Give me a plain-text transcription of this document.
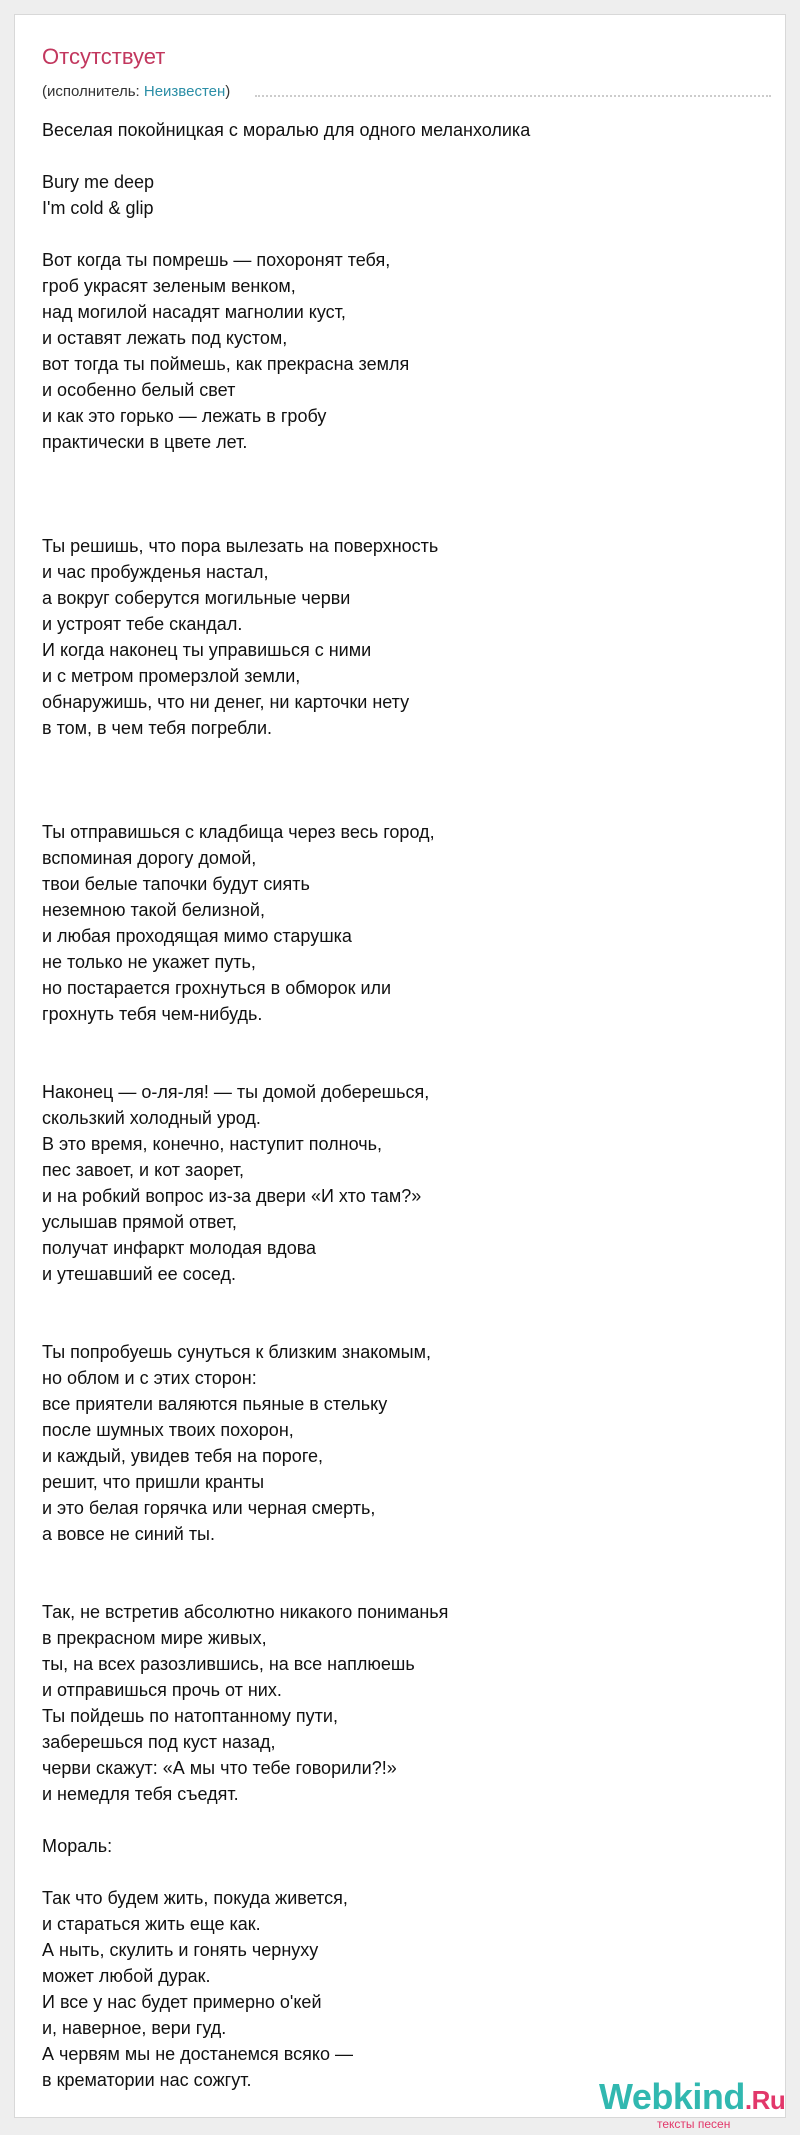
Отсутствует
(исполнитель: Неизвестен)
Веселая покойницкая с моралью для одного меланхолика

Bury me deep
I'm cold & glip

Вот когда ты помрешь — похоронят тебя,
гроб украсят зеленым венком,
над могилой насадят магнолии куст,
и оставят лежать под кустом,
вот тогда ты поймешь, как прекрасна земля
и особенно белый свет
и как это горько — лежать в гробу
практически в цвете лет.

Ты решишь, что пора вылезать на поверхность
и час пробужденья настал,
а вокруг соберутся могильные черви
и устроят тебе скандал.
И когда наконец ты управишься с ними
и с метром промерзлой земли,
обнаружишь, что ни денег, ни карточки нету
в том, в чем тебя погребли.

Ты отправишься с кладбища через весь город,
вспоминая дорогу домой,
твои белые тапочки будут сиять
неземною такой белизной,
и любая проходящая мимо старушка
не только не укажет путь,
но постарается грохнуться в обморок или
грохнуть тебя чем-нибудь.

Наконец — о-ля-ля! — ты домой доберешься,
скользкий холодный урод.
В это время, конечно, наступит полночь,
пес завоет, и кот заорет,
и на робкий вопрос из-за двери «И хто там?»
услышав прямой ответ,
получат инфаркт молодая вдова
и утешавший ее сосед.

Ты попробуешь сунуться к близким знакомым,
но облом и с этих сторон:
все приятели валяются пьяные в стельку
после шумных твоих похорон,
и каждый, увидев тебя на пороге,
решит, что пришли кранты
и это белая горячка или черная смерть,
а вовсе не синий ты.

Так, не встретив абсолютно никакого пониманья
в прекрасном мире живых,
ты, на всех разозлившись, на все наплюешь
и отправишься прочь от них.
Ты пойдешь по натоптанному пути,
заберешься под куст назад,
черви скажут: «А мы что тебе говорили?!»
и немедля тебя съедят.

Мораль:

Так что будем жить, покуда живется,
и стараться жить еще как.
А ныть, скулить и гонять чернуху
может любой дурак.
И все у нас будет примерно о'кей
и, наверное, вери гуд.
А червям мы не достанемся всяко —
в крематории нас сожгут.	Webkind.Ru
тексты песен
